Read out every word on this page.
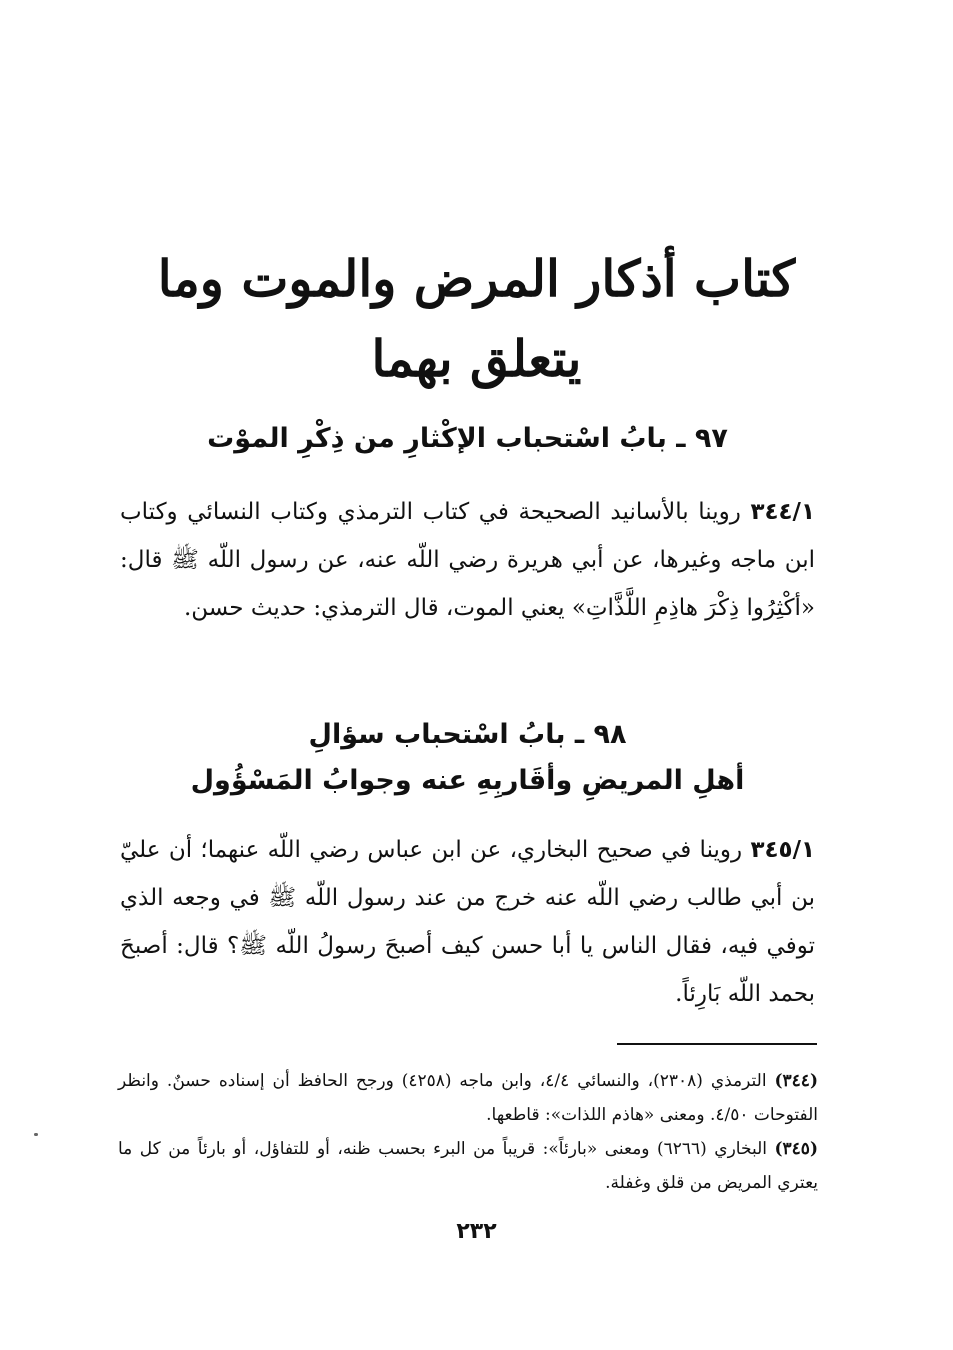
كتاب أذكار المرض والموت وما يتعلق بهما
٩٧ ـ بابُ اسْتحباب الإكْثارِ من ذِكْرِ الموْت

٣٤٤/١ روينا بالأسانيد الصحيحة في كتاب الترمذي وكتاب النسائي وكتاب ابن ماجه وغيرها، عن أبي هريرة رضي اللّه عنه، عن رسول اللّه ﷺ قال: «أكْثِرُوا ذِكْرَ هاذِمِ اللَّذَّاتِ» يعني الموت، قال الترمذي: حديث حسن.

٩٨ ـ بابُ اسْتحباب سؤالِ
أهلِ المريضِ وأقَاربِهِ عنه وجوابُ المَسْؤُول

٣٤٥/١ روينا في صحيح البخاري، عن ابن عباس رضي اللّه عنهما؛ أن عليّ بن أبي طالب رضي اللّه عنه خرج من عند رسول اللّه ﷺ في وجعه الذي توفي فيه، فقال الناس يا أبا حسن كيف أصبحَ رسولُ اللّه ﷺ؟ قال: أصبحَ بحمد اللّه بَارِئاً.

(٣٤٤) الترمذي (٢٣٠٨)، والنسائي ٤/٤، وابن ماجه (٤٢٥٨) ورجح الحافظ أن إسناده حسنٌ. وانظر الفتوحات ٤/٥٠. ومعنى «هاذم اللذات»: قاطعها.

(٣٤٥) البخاري (٦٢٦٦) ومعنى «بارئاً»: قريباً من البرء بحسب ظنه، أو للتفاؤل، أو بارئاً من كل ما يعتري المريض من قلق وغفلة.

٢٣٢
